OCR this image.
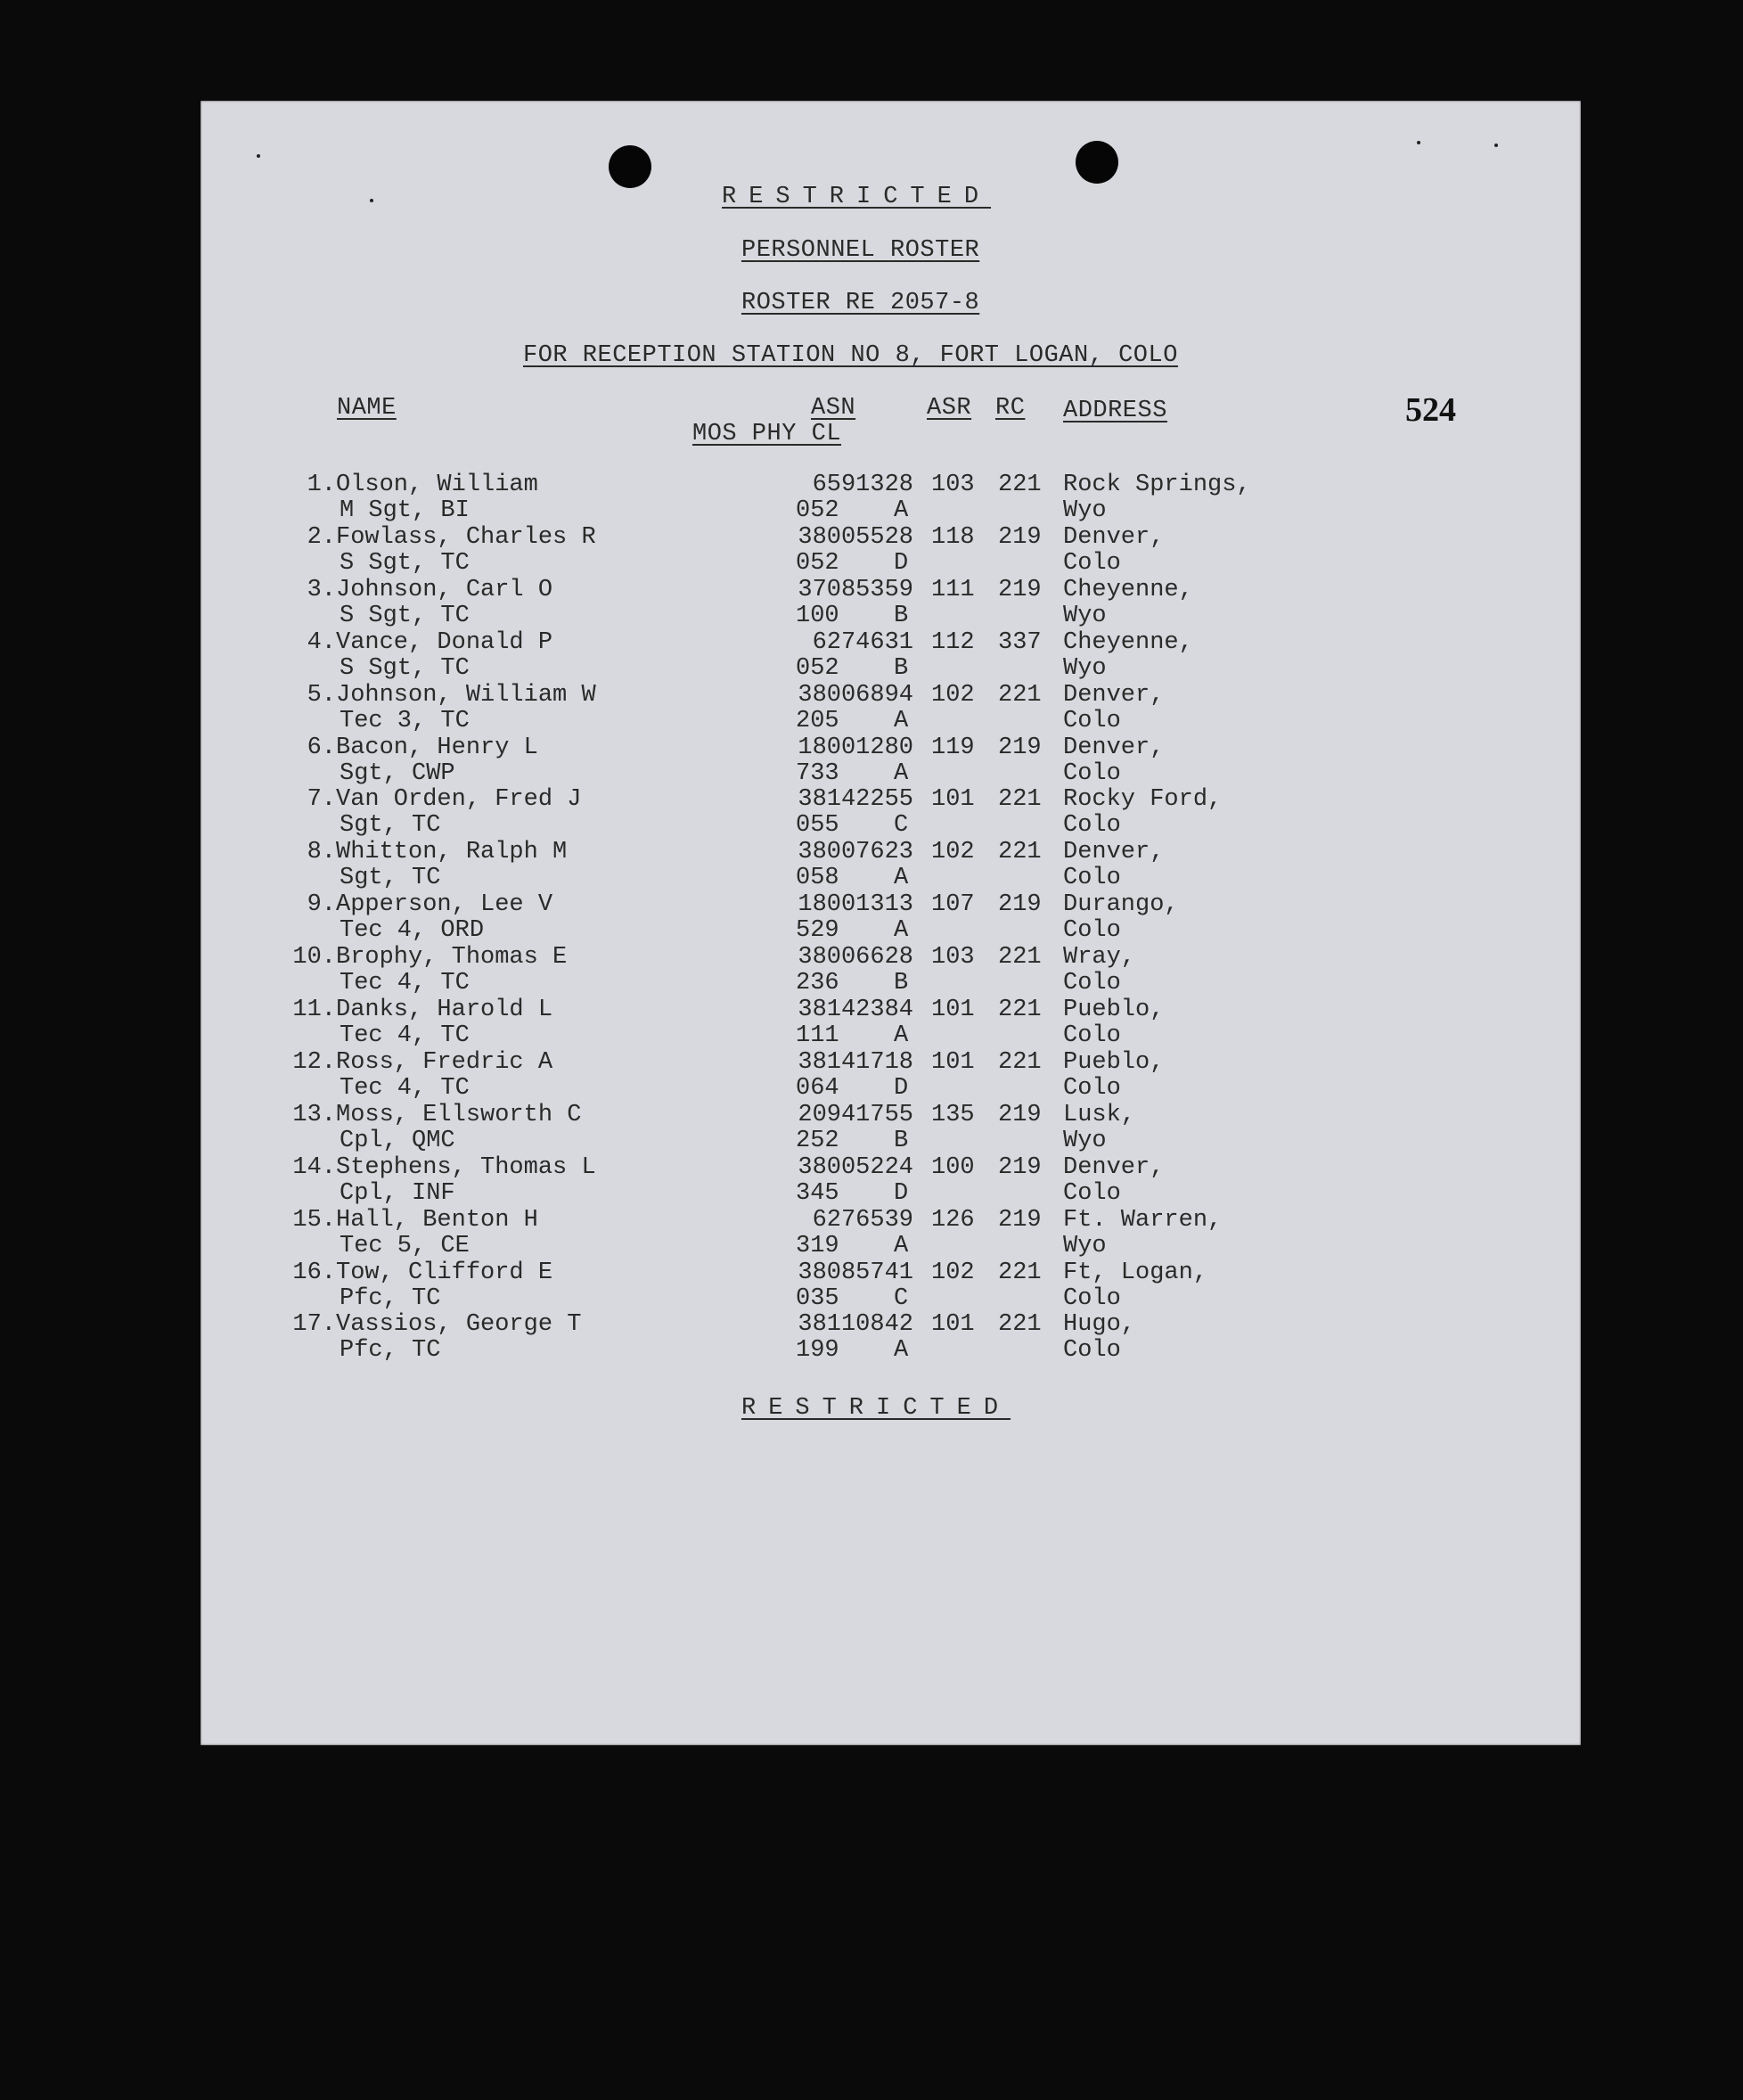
RESTRICTED
PERSONNEL ROSTER
ROSTER RE 2057-8
FOR RECEPTION STATION NO 8, FORT LOGAN, COLO
524
NAME	ASN
MOS PHY CL
ASR RC ADDRESS
1. Olson, William
M Sgt, BI
6591328
052 A
103 221 Rock Springs,
Wyo
2. Fowlass, Charles R
S Sgt, TC
38005528
052 D
118 219 Denver,
Colo
3. Johnson, Carl O
S Sgt, TC
37085359
100 B
111 219 Cheyenne,
Wyo
4. Vance, Donald P
S Sgt, TC
6274631
052 B
112 337 Cheyenne,
Wyo
5. Johnson, William W
Tec 3, TC
38006894
205 A
102 221 Denver,
Colo
6. Bacon, Henry L
Sgt, CWP
18001280
733 A
119 219 Denver,
Colo
7. Van Orden, Fred J
Sgt, TC
38142255
055 C
101 221 Rocky Ford,
Colo
8. Whitton, Ralph M
Sgt, TC
38007623
058 A
102 221 Denver,
Colo
9. Apperson, Lee V
Tec 4, ORD
18001313
529 A
107 219 Durango,
Colo
10. Brophy, Thomas E
Tec 4, TC
38006628
236 B
103 221 Wray,
Colo
11. Danks, Harold L
Tec 4, TC
38142384
111 A
101 221 Pueblo,
Colo
12. Ross, Fredric A
Tec 4, TC
38141718
064 D
101 221 Pueblo,
Colo
13. Moss, Ellsworth C
Cpl, QMC
20941755
252 B
135 219 Lusk,
Wyo
14. Stephens, Thomas L
Cpl, INF
38005224
345 D
100 219 Denver,
Colo
15. Hall, Benton H
Tec 5, CE
6276539
319 A
126 219 Ft. Warren,
Wyo
16. Tow, Clifford E
Pfc, TC
38085741
035 C
102 221 Ft, Logan,
Colo
17. Vassios, George T
Pfc, TC
38110842
199 A
101 221 Hugo,
Colo
RESTRICTED
